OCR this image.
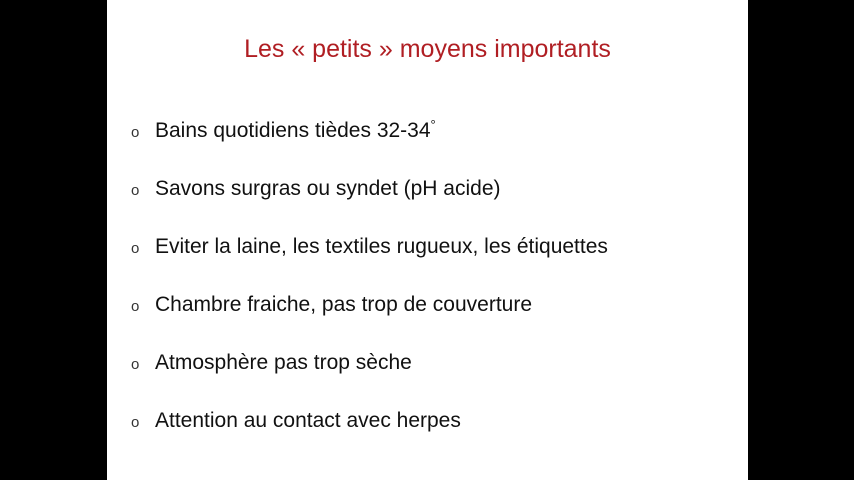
Les « petits » moyens importants
o Bains quotidiens tièdes 32-34°
o Savons surgras ou syndet (pH acide)
o Eviter la laine, les textiles rugueux, les étiquettes
o Chambre fraiche, pas trop de couverture
o Atmosphère pas trop sèche
o Attention au contact avec herpes
